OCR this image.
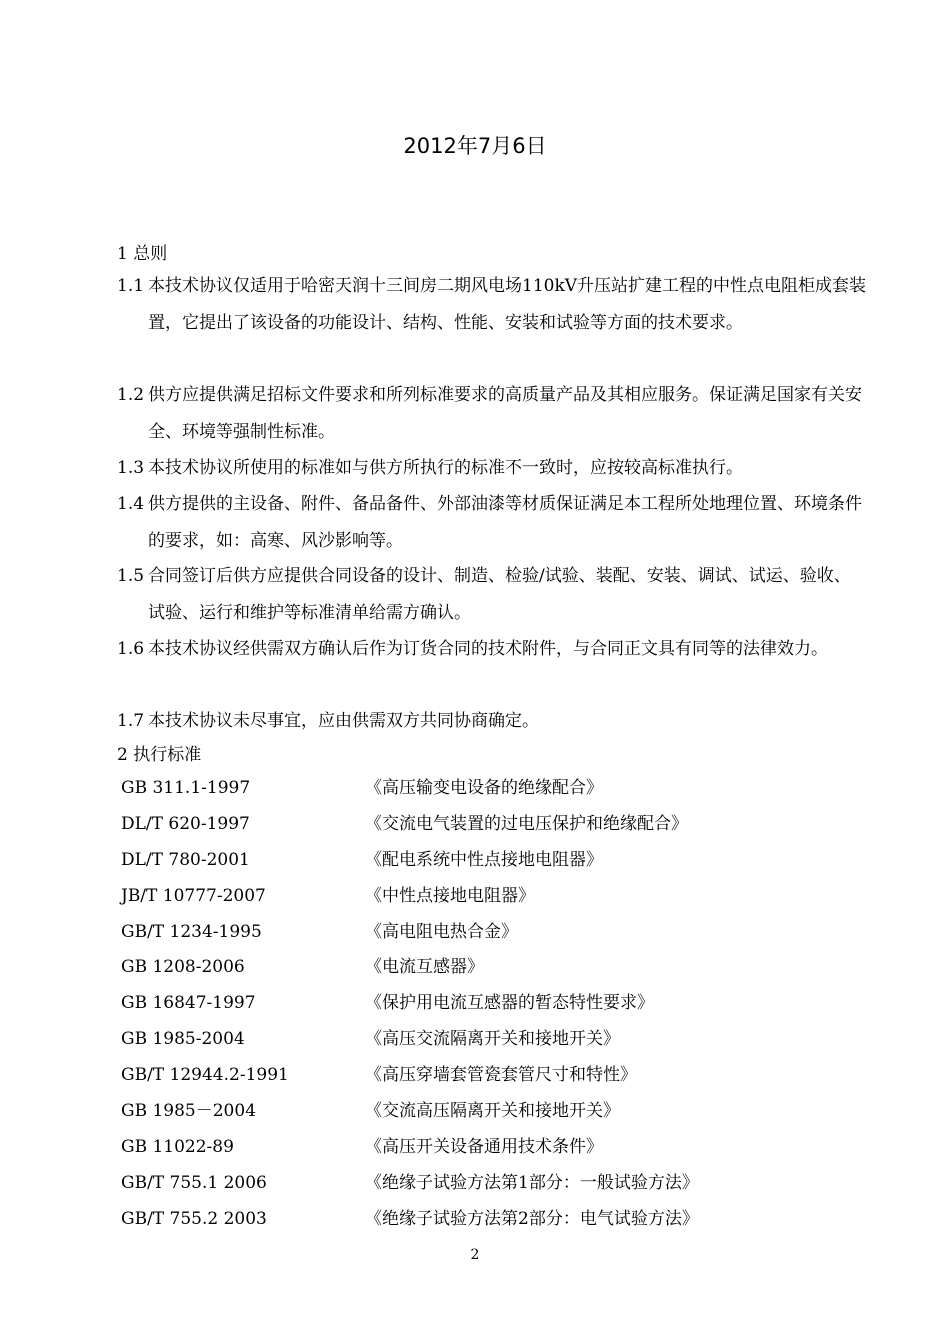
2012年7月6日
1 总则
1.1 本技术协议仅适用于哈密天润十三间房二期风电场110kV升压站扩建工程的中性点电阻柜成套装置，它提出了该设备的功能设计、结构、性能、安装和试验等方面的技术要求。
1.2 供方应提供满足招标文件要求和所列标准要求的高质量产品及其相应服务。保证满足国家有关安全、环境等强制性标准。
1.3 本技术协议所使用的标准如与供方所执行的标准不一致时，应按较高标准执行。
1.4 供方提供的主设备、附件、备品备件、外部油漆等材质保证满足本工程所处地理位置、环境条件的要求，如：高寒、风沙影响等。
1.5 合同签订后供方应提供合同设备的设计、制造、检验/试验、装配、安装、调试、试运、验收、试验、运行和维护等标准清单给需方确认。
1.6 本技术协议经供需双方确认后作为订货合同的技术附件，与合同正文具有同等的法律效力。
1.7 本技术协议未尽事宜，应由供需双方共同协商确定。
2 执行标准
GB 311.1-1997	《高压输变电设备的绝缘配合》
DL/T 620-1997	《交流电气装置的过电压保护和绝缘配合》
DL/T 780-2001	《配电系统中性点接地电阻器》
JB/T 10777-2007	《中性点接地电阻器》
GB/T 1234-1995	《高电阻电热合金》
GB 1208-2006	《电流互感器》
GB 16847-1997	《保护用电流互感器的暂态特性要求》
GB 1985-2004	《高压交流隔离开关和接地开关》
GB/T 12944.2-1991	《高压穿墙套管瓷套管尺寸和特性》
GB 1985－2004	《交流高压隔离开关和接地开关》
GB 11022-89	《高压开关设备通用技术条件》
GB/T 755.1 2006	《绝缘子试验方法第1部分：一般试验方法》
GB/T 755.2 2003	《绝缘子试验方法第2部分：电气试验方法》
2
